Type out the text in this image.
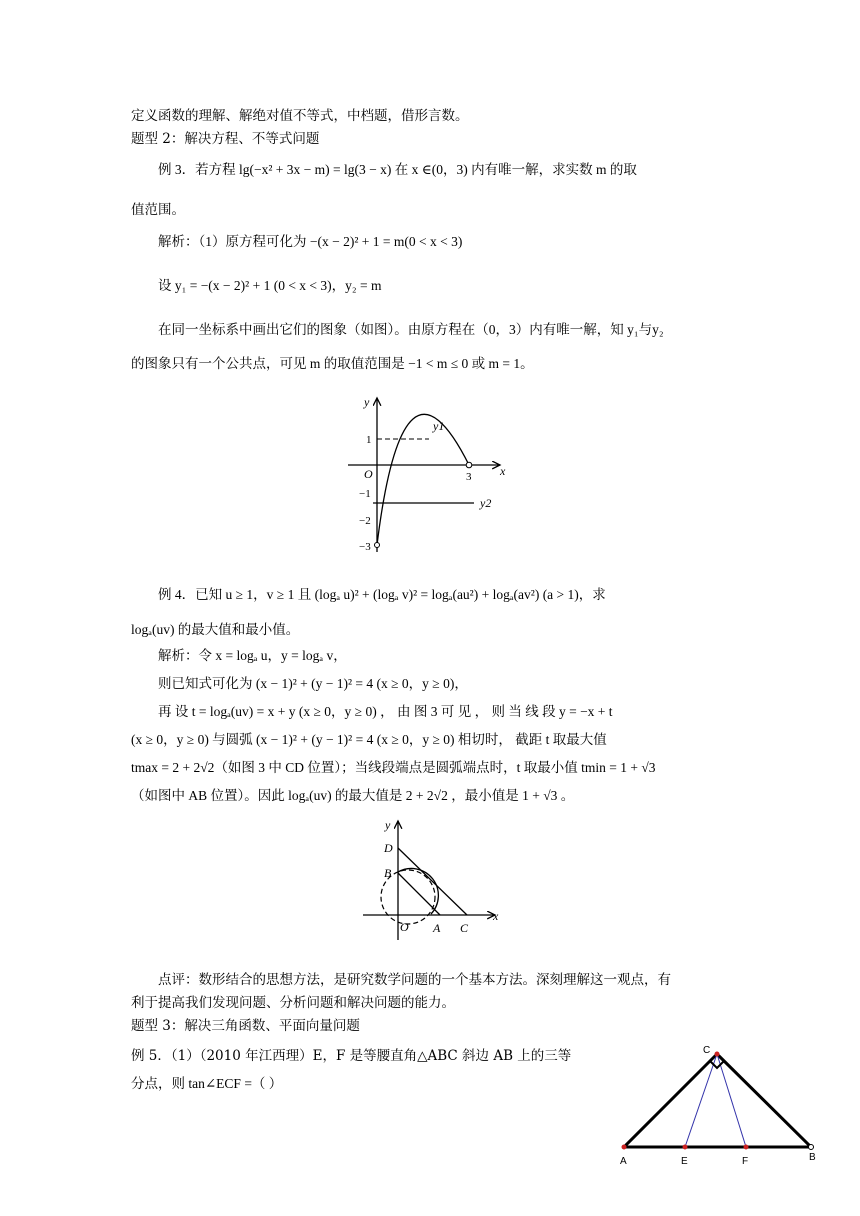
定义函数的理解、解绝对值不等式，中档题，借形言数。
题型 2：解决方程、不等式问题
例 3．若方程 lg(−x² + 3x − m) = lg(3 − x) 在 x ∈(0，3) 内有唯一解，求实数 m 的取
值范围。
解析：（1）原方程可化为 −(x − 2)² + 1 = m(0 < x < 3)
设 y₁ = −(x − 2)² + 1 (0 < x < 3)，y₂ = m
在同一坐标系中画出它们的图象（如图）。由原方程在（0，3）内有唯一解，知 y₁与y₂
的图象只有一个公共点，可见 m 的取值范围是 −1 < m ≤ 0 或 m = 1。
y
x
O
1
−1
−2
−3
3
y1
y2
例 4．已知 u ≥ 1，v ≥ 1 且 (logₐ u)² + (logₐ v)² = logₐ(au²) + logₐ(av²) (a > 1)，求
logₐ(uv) 的最大值和最小值。
解析：令 x = logₐ u，y = logₐ v，
则已知式可化为 (x − 1)² + (y − 1)² = 4 (x ≥ 0，y ≥ 0)，
再 设 t = logₐ(uv) = x + y (x ≥ 0，y ≥ 0) ， 由 图 3 可 见 ， 则 当 线 段 y = −x + t
(x ≥ 0，y ≥ 0) 与圆弧 (x − 1)² + (y − 1)² = 4 (x ≥ 0，y ≥ 0) 相切时， 截距 t 取最大值
tmax = 2 + 2√2（如图 3 中 CD 位置）；当线段端点是圆弧端点时，t 取最小值 tmin = 1 + √3
（如图中 AB 位置）。因此 logₐ(uv) 的最大值是 2 + 2√2 ，最小值是 1 + √3 。
y
x
D
B
O A C
点评：数形结合的思想方法，是研究数学问题的一个基本方法。深刻理解这一观点，有
利于提高我们发现问题、分析问题和解决问题的能力。
题型 3：解决三角函数、平面向量问题
例 5．（1）（2010 年江西理）E，F 是等腰直角△ABC 斜边 AB 上的三等
分点，则 tan∠ECF =（ ）
C
A	E	F	B
